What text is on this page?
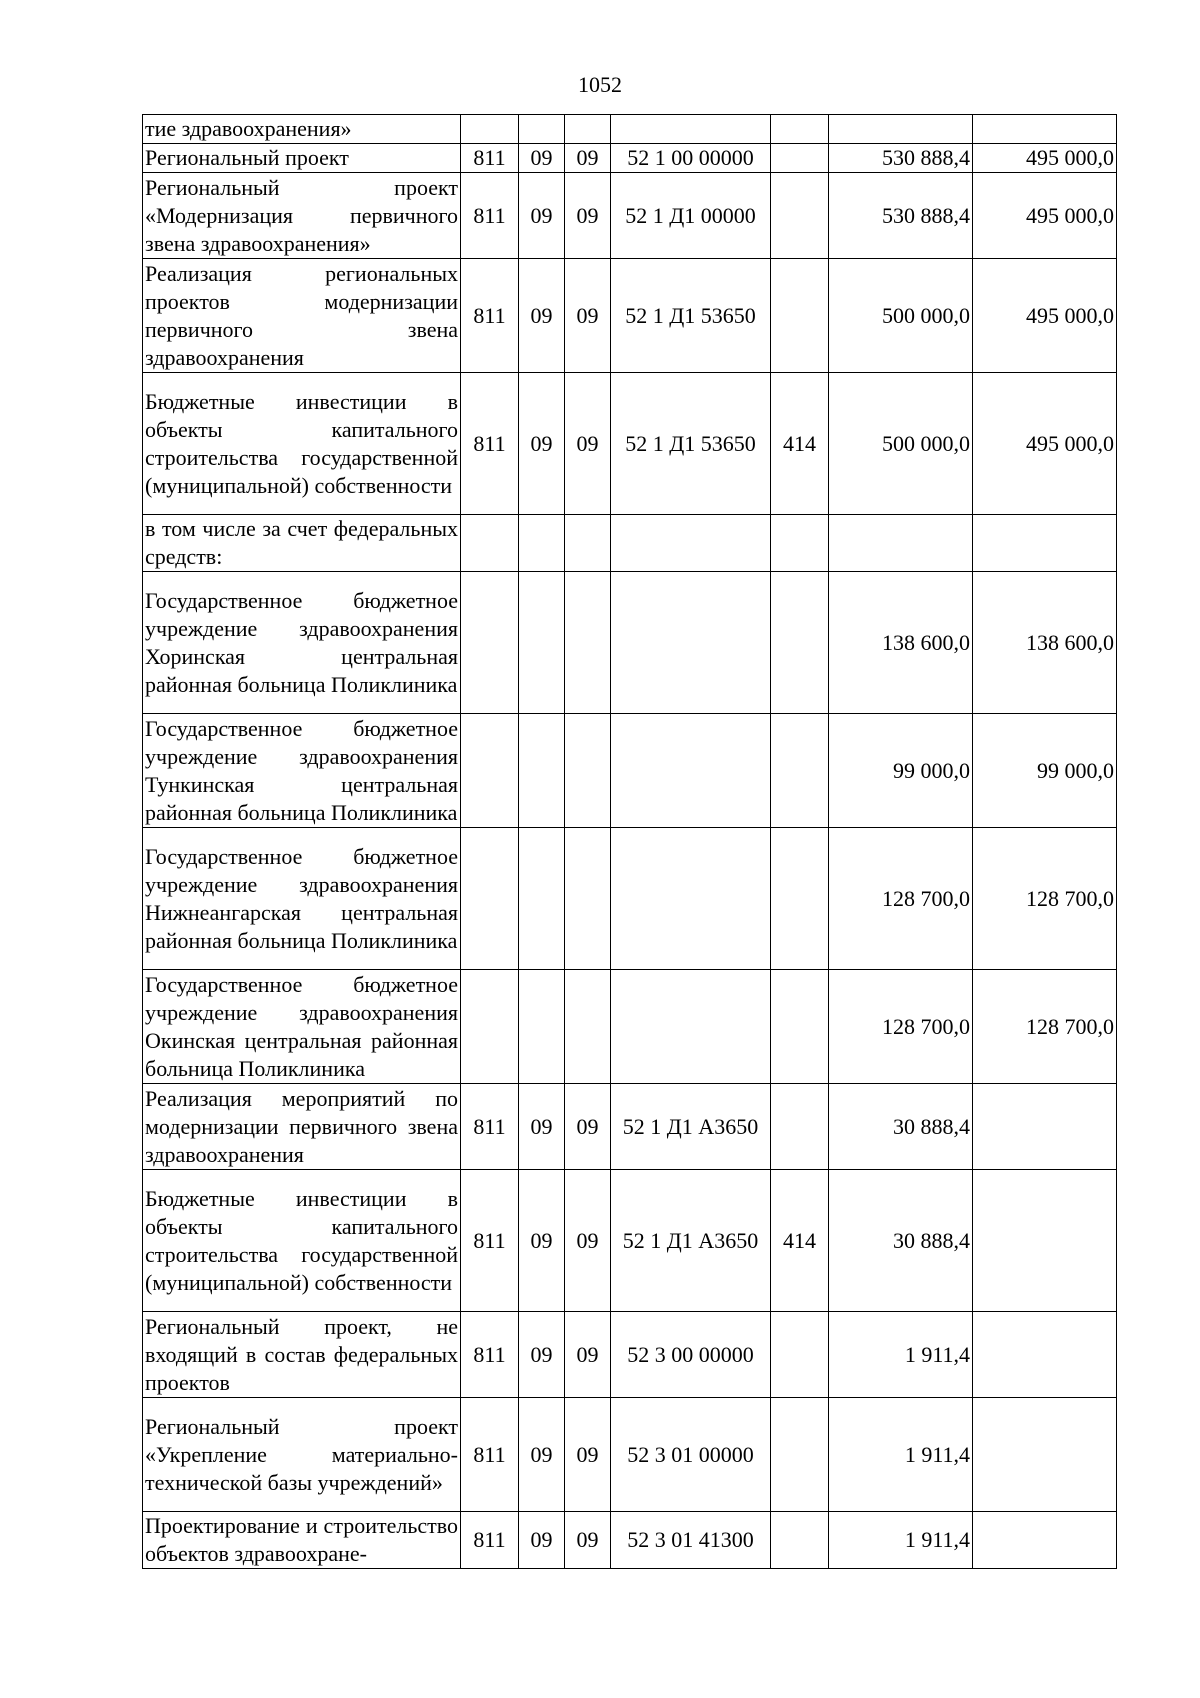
1052
тие здравоохранения»							
Региональный проект	811	09	09	52 1 00 00000		530 888,4	495 000,0
Региональный проект «Модернизация первичного звена здравоохранения»	811	09	09	52 1 Д1 00000		530 888,4	495 000,0
Реализация региональных проектов модернизации первичного звена здравоохранения	811	09	09	52 1 Д1 53650		500 000,0	495 000,0
Бюджетные инвестиции в объекты капитального строительства государственной (муниципальной) собственности	811	09	09	52 1 Д1 53650	414	500 000,0	495 000,0
в том числе за счет федеральных средств:							
Государственное бюджетное учреждение здравоохранения Хоринская центральная районная больница Поликлиника						138 600,0	138 600,0
Государственное бюджетное учреждение здравоохранения Тункинская центральная районная больница Поликлиника						99 000,0	99 000,0
Государственное бюджетное учреждение здравоохранения Нижнеангарская центральная районная больница Поликлиника						128 700,0	128 700,0
Государственное бюджетное учреждение здравоохранения Окинская центральная районная больница Поликлиника						128 700,0	128 700,0
Реализация мероприятий по модернизации первичного звена здравоохранения	811	09	09	52 1 Д1 А3650		30 888,4	
Бюджетные инвестиции в объекты капитального строительства государственной (муниципальной) собственности	811	09	09	52 1 Д1 А3650	414	30 888,4	
Региональный проект, не входящий в состав федеральных проектов	811	09	09	52 3 00 00000		1 911,4	
Региональный проект «Укрепление материально-технической базы учреждений»	811	09	09	52 3 01 00000		1 911,4	
Проектирование и строительство объектов здравоохране-	811	09	09	52 3 01 41300		1 911,4	
